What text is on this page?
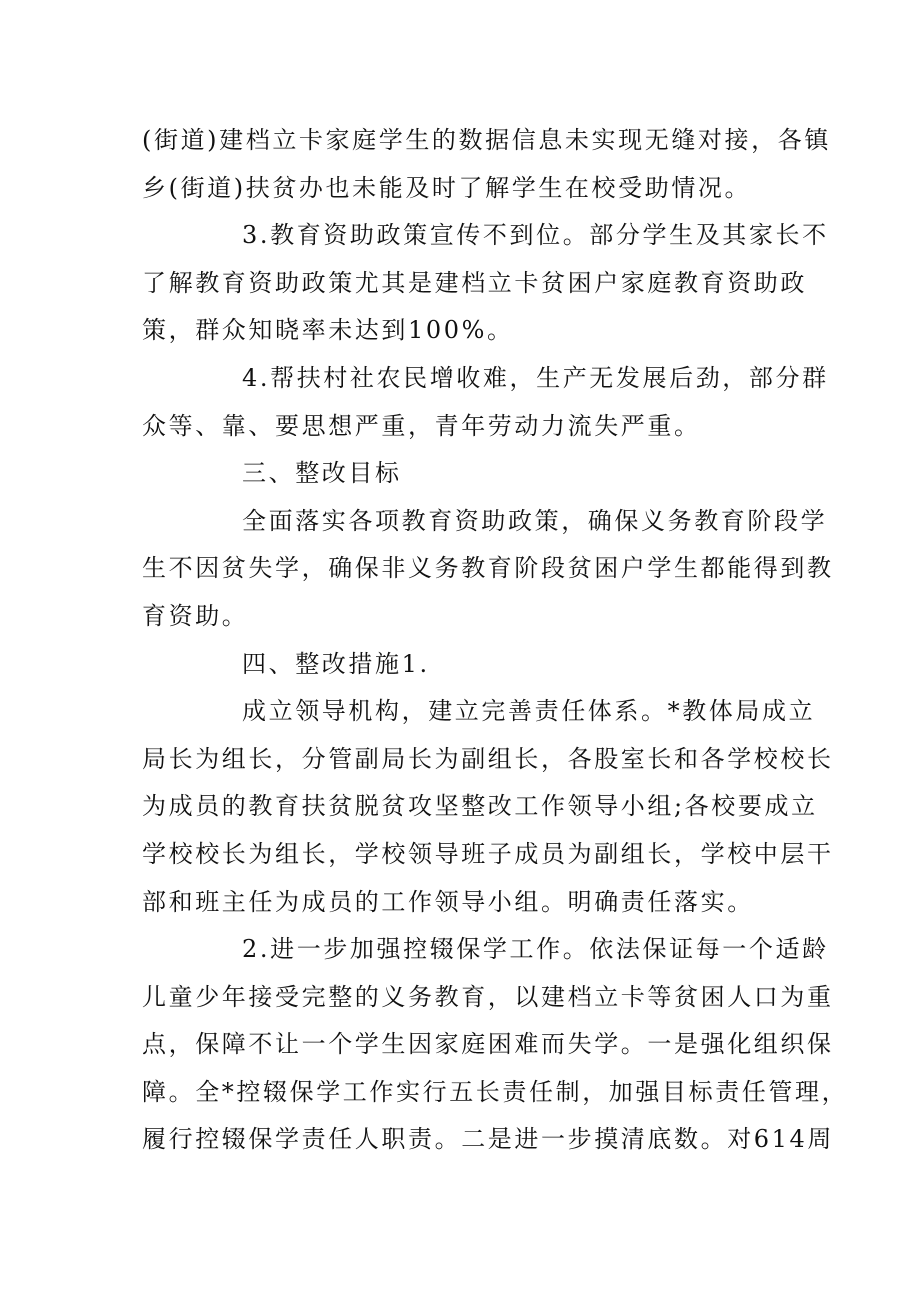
(街道)建档立卡家庭学生的数据信息未实现无缝对接，各镇
乡(街道)扶贫办也未能及时了解学生在校受助情况。
3.教育资助政策宣传不到位。部分学生及其家长不
了解教育资助政策尤其是建档立卡贫困户家庭教育资助政
策，群众知晓率未达到100%。
4.帮扶村社农民增收难，生产无发展后劲，部分群
众等、靠、要思想严重，青年劳动力流失严重。
三、整改目标
全面落实各项教育资助政策，确保义务教育阶段学
生不因贫失学，确保非义务教育阶段贫困户学生都能得到教
育资助。
四、整改措施1.
成立领导机构，建立完善责任体系。*教体局成立
局长为组长，分管副局长为副组长，各股室长和各学校校长
为成员的教育扶贫脱贫攻坚整改工作领导小组;各校要成立
学校校长为组长，学校领导班子成员为副组长，学校中层干
部和班主任为成员的工作领导小组。明确责任落实。
2.进一步加强控辍保学工作。依法保证每一个适龄
儿童少年接受完整的义务教育，以建档立卡等贫困人口为重
点，保障不让一个学生因家庭困难而失学。一是强化组织保
障。全*控辍保学工作实行五长责任制，加强目标责任管理，
履行控辍保学责任人职责。二是进一步摸清底数。对614周
